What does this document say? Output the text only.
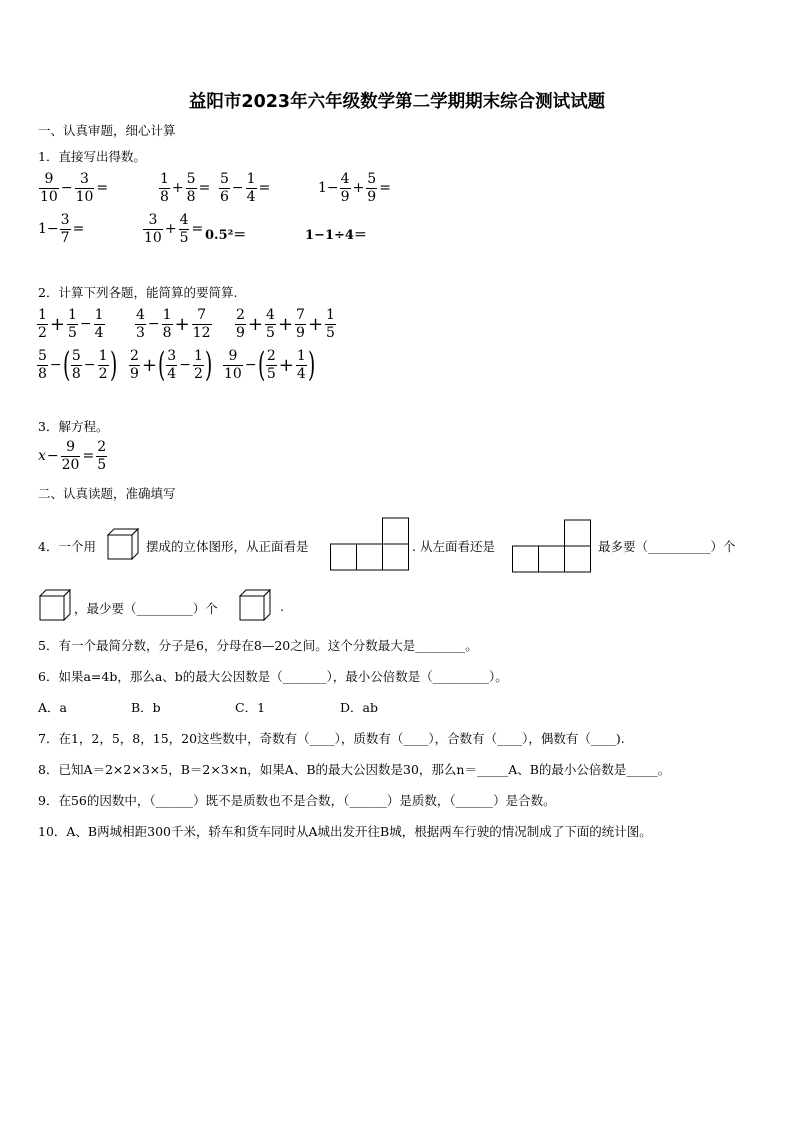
益阳市2023年六年级数学第二学期期末综合测试试题
一、认真审题，细心计算
1．直接写出得数。
$\frac{9}{10} - \frac{3}{10}$ =	$\frac{1}{8} + \frac{5}{8} = \frac{5}{6} - \frac{1}{4}$ =	$1- \frac{4}{9} + \frac{5}{9}$ =
$1- \frac{3}{7}$ =	$\frac{3}{10} + \frac{4}{5} = 0.5^2=$	1−1÷4＝
2．计算下列各题，能简算的要简算.
$\frac{1}{2} + \frac{1}{5} - \frac{1}{4} \frac{4}{3} - \frac{1}{8} + \frac{7}{12} \frac{2}{9} + \frac{4}{5} + \frac{7}{9} + \frac{1}{5}$
$\frac{5}{8}$ − ( $\frac{5}{8} - \frac{1}{2}$ ) $\frac{2}{9}$ + ( $\frac{3}{4} - \frac{1}{2}$ ) $\frac{9}{10}$ − ( $\frac{2}{5} + \frac{1}{4}$ )
3．解方程。
$x - \frac{9}{20} = \frac{2}{5}$
二、认真读题，准确填写
4．一个用	摆成的立体图形，从正面看是	. 从左面看还是	最多要（__________）个
，最少要（_________）个	.
5．有一个最简分数，分子是6，分母在8—20之间。这个分数最大是________。
6．如果a=4b，那么a、b的最大公因数是（_______），最小公倍数是（_________）。
A．a	B．b	C．1	D．ab
7．在1，2，5，8，15，20这些数中，奇数有（____），质数有（____），合数有（____），偶数有（____).
8．已知A＝2×2×3×5，B＝2×3×n，如果A、B的最大公因数是30，那么n＝_____A、B的最小公倍数是_____。
9．在56的因数中，（______）既不是质数也不是合数，（______）是质数，（______）是合数。
10．A、B两城相距300千米，轿车和货车同时从A城出发开往B城，根据两车行驶的情况制成了下面的统计图。
